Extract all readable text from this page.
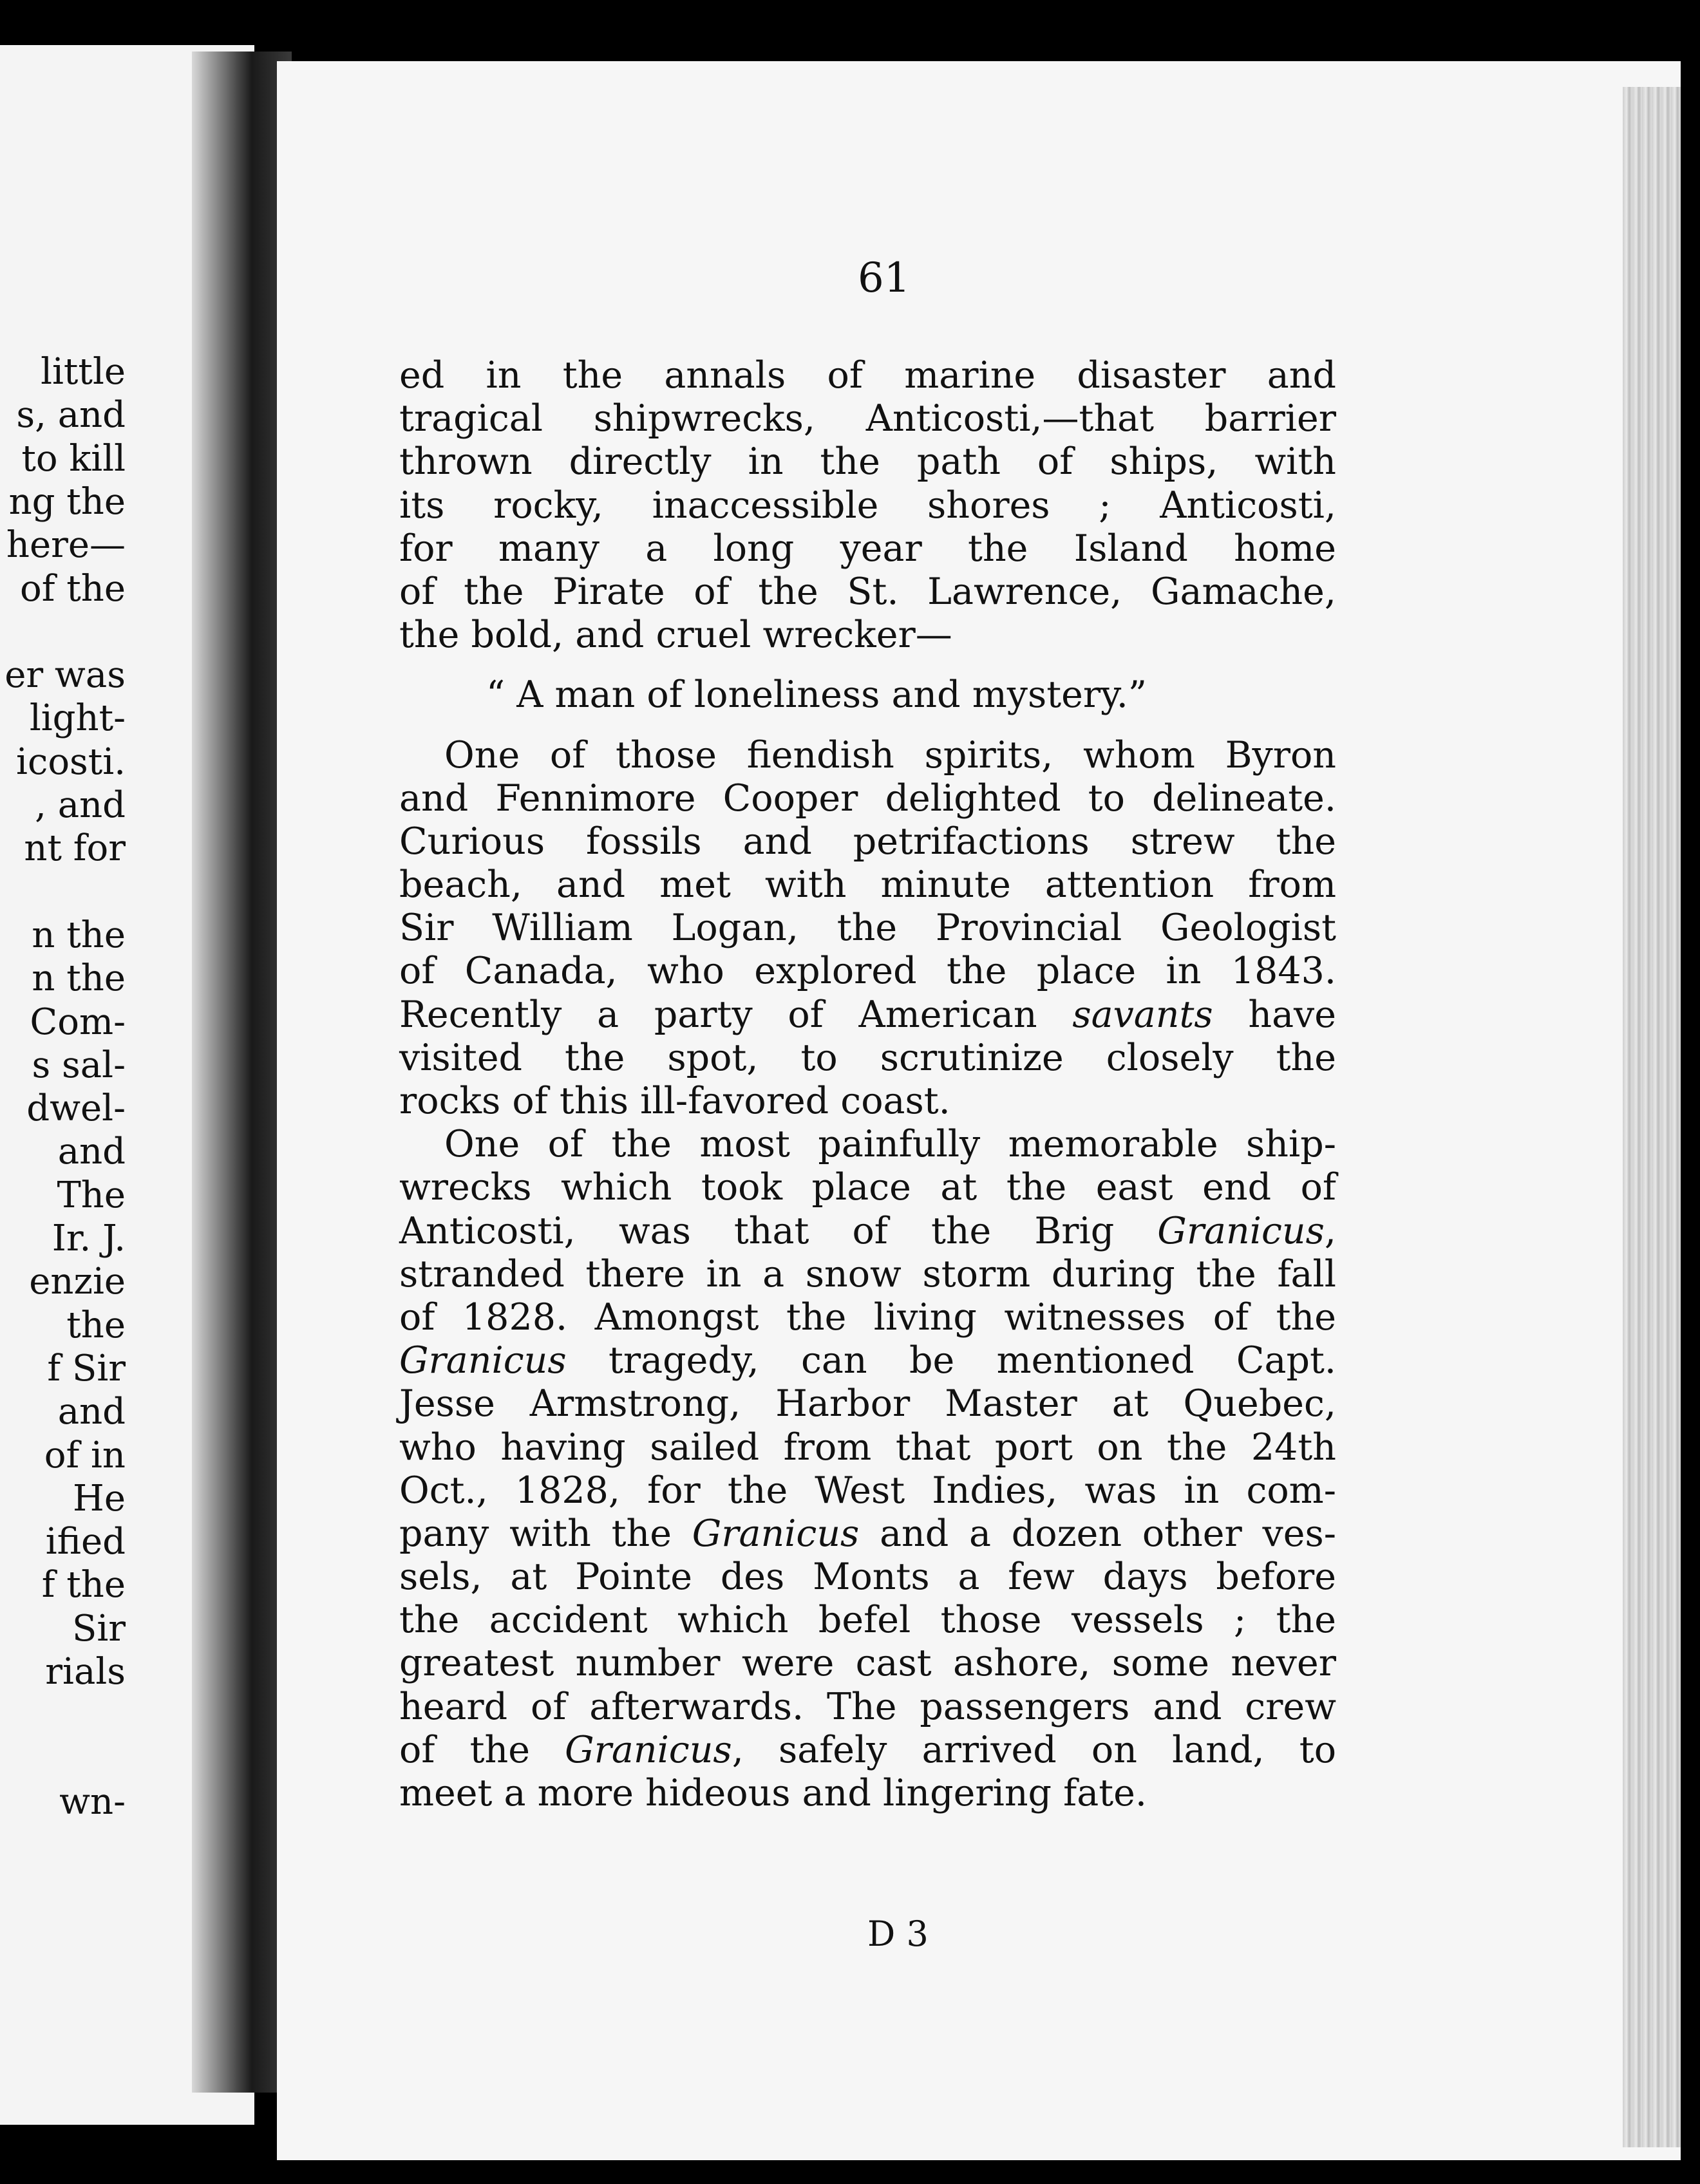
little
s, and
to kill
ng the
here—
of the
er was
light-
icosti.
, and
nt for
n the
n the
Com-
s sal-
dwel-
and
The
Ir. J.
enzie
the
f Sir
and
of in
He
ified
f the
Sir
rials
wn-
61
ed in the annals of marine disaster and
tragical shipwrecks, Anticosti,—that barrier
thrown directly in the path of ships, with
its rocky, inaccessible shores ; Anticosti,
for many a long year the Island home
of the Pirate of the St. Lawrence, Gamache,
the bold, and cruel wrecker—
“ A man of loneliness and mystery.”
One of those fiendish spirits, whom Byron
and Fennimore Cooper delighted to delineate.
Curious fossils and petrifactions strew the
beach, and met with minute attention from
Sir William Logan, the Provincial Geologist
of Canada, who explored the place in 1843.
Recently a party of American savants have
visited the spot, to scrutinize closely the
rocks of this ill-favored coast.
One of the most painfully memorable ship-
wrecks which took place at the east end of
Anticosti, was that of the Brig Granicus,
stranded there in a snow storm during the fall
of 1828. Amongst the living witnesses of the
Granicus tragedy, can be mentioned Capt.
Jesse Armstrong, Harbor Master at Quebec,
who having sailed from that port on the 24th
Oct., 1828, for the West Indies, was in com-
pany with the Granicus and a dozen other ves-
sels, at Pointe des Monts a few days before
the accident which befel those vessels ; the
greatest number were cast ashore, some never
heard of afterwards. The passengers and crew
of the Granicus, safely arrived on land, to
meet a more hideous and lingering fate.
D 3
